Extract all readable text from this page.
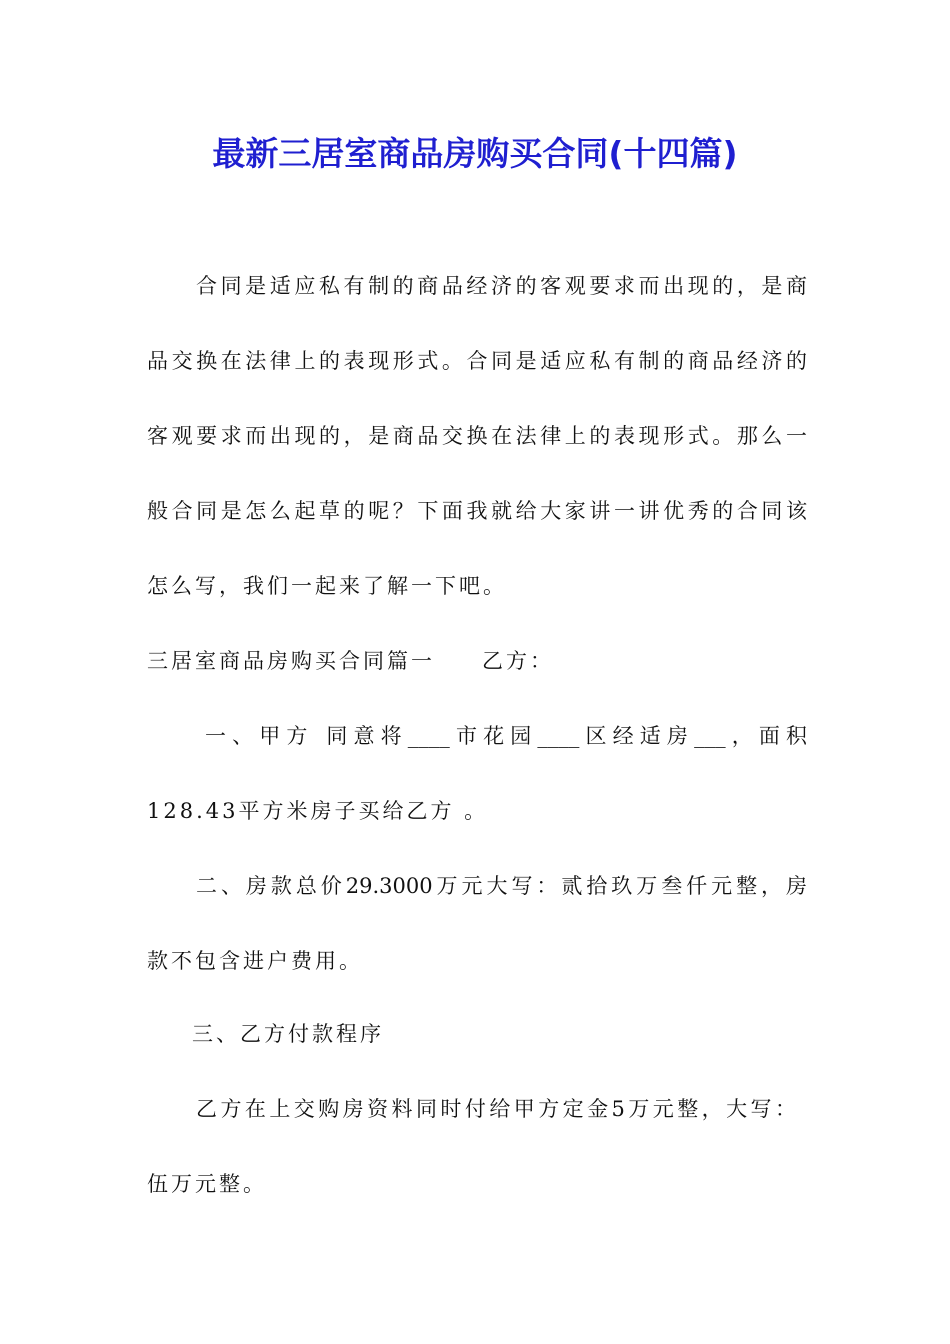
最新三居室商品房购买合同(十四篇)
合同是适应私有制的商品经济的客观要求而出现的，是商
品交换在法律上的表现形式。合同是适应私有制的商品经济的
客观要求而出现的，是商品交换在法律上的表现形式。那么一
般合同是怎么起草的呢？下面我就给大家讲一讲优秀的合同该
怎么写，我们一起来了解一下吧。
三居室商品房购买合同篇一 乙方：
一、甲方 同意将____市花园____区经适房___，面积
128.43平方米房子买给乙方 。
二、房款总价29.3000万元大写：贰拾玖万叁仟元整，房
款不包含进户费用。
三、乙方付款程序
乙方在上交购房资料同时付给甲方定金5万元整，大写：
伍万元整。
